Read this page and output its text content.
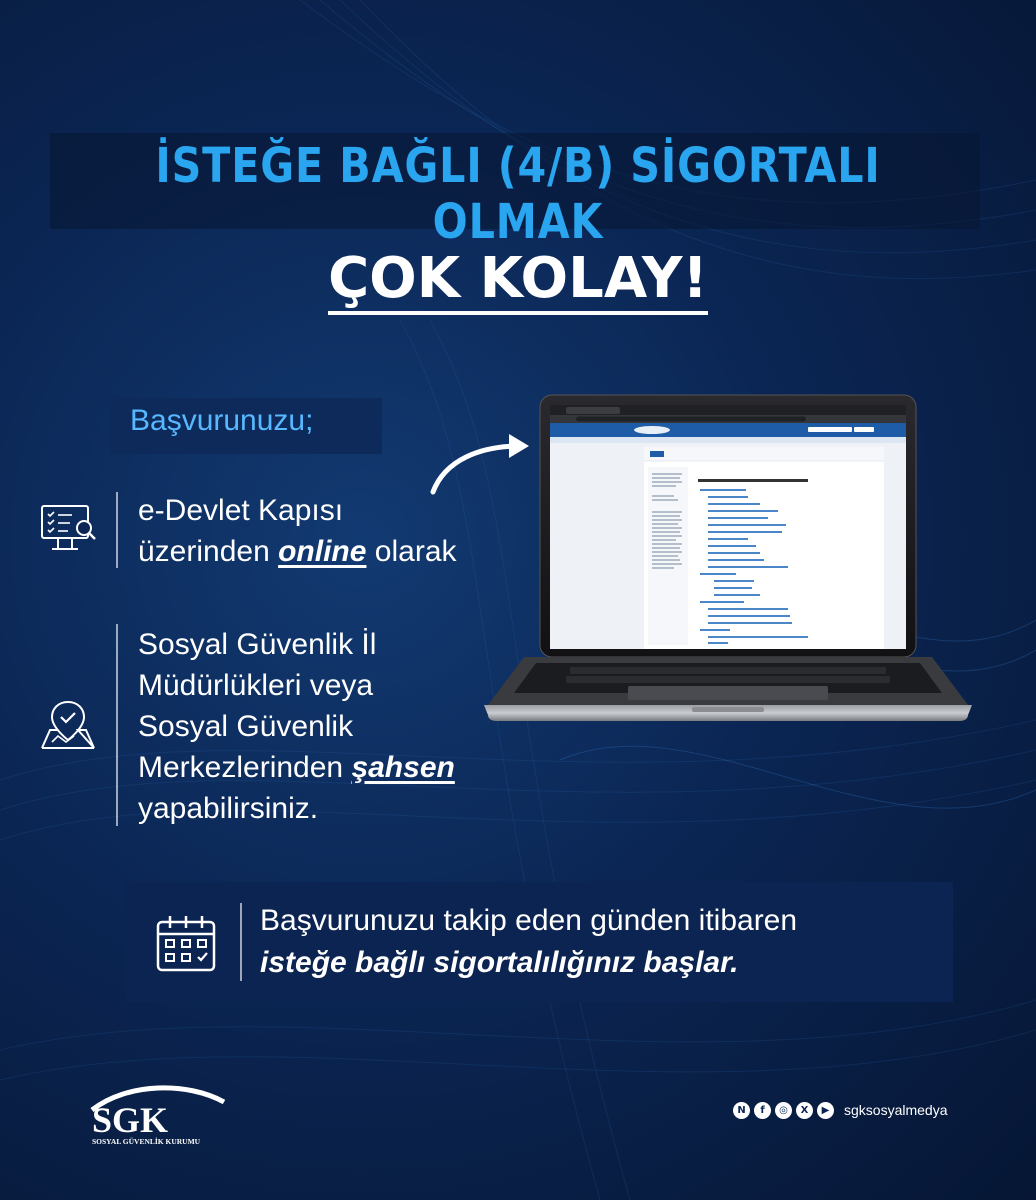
İSTEĞE BAĞLI (4/B) SİGORTALI OLMAK
ÇOK KOLAY!
Başvurunuzu;
e-Devlet Kapısı
üzerinden online olarak
Sosyal Güvenlik İl
Müdürlükleri veya
Sosyal Güvenlik
Merkezlerinden şahsen
yapabilirsiniz.
Başvurunuzu takip eden günden itibaren
isteğe bağlı sigortalılığınız başlar.
SGK
SOSYAL GÜVENLİK KURUMU
N	f	◎	X	▶	sgksosyalmedya
